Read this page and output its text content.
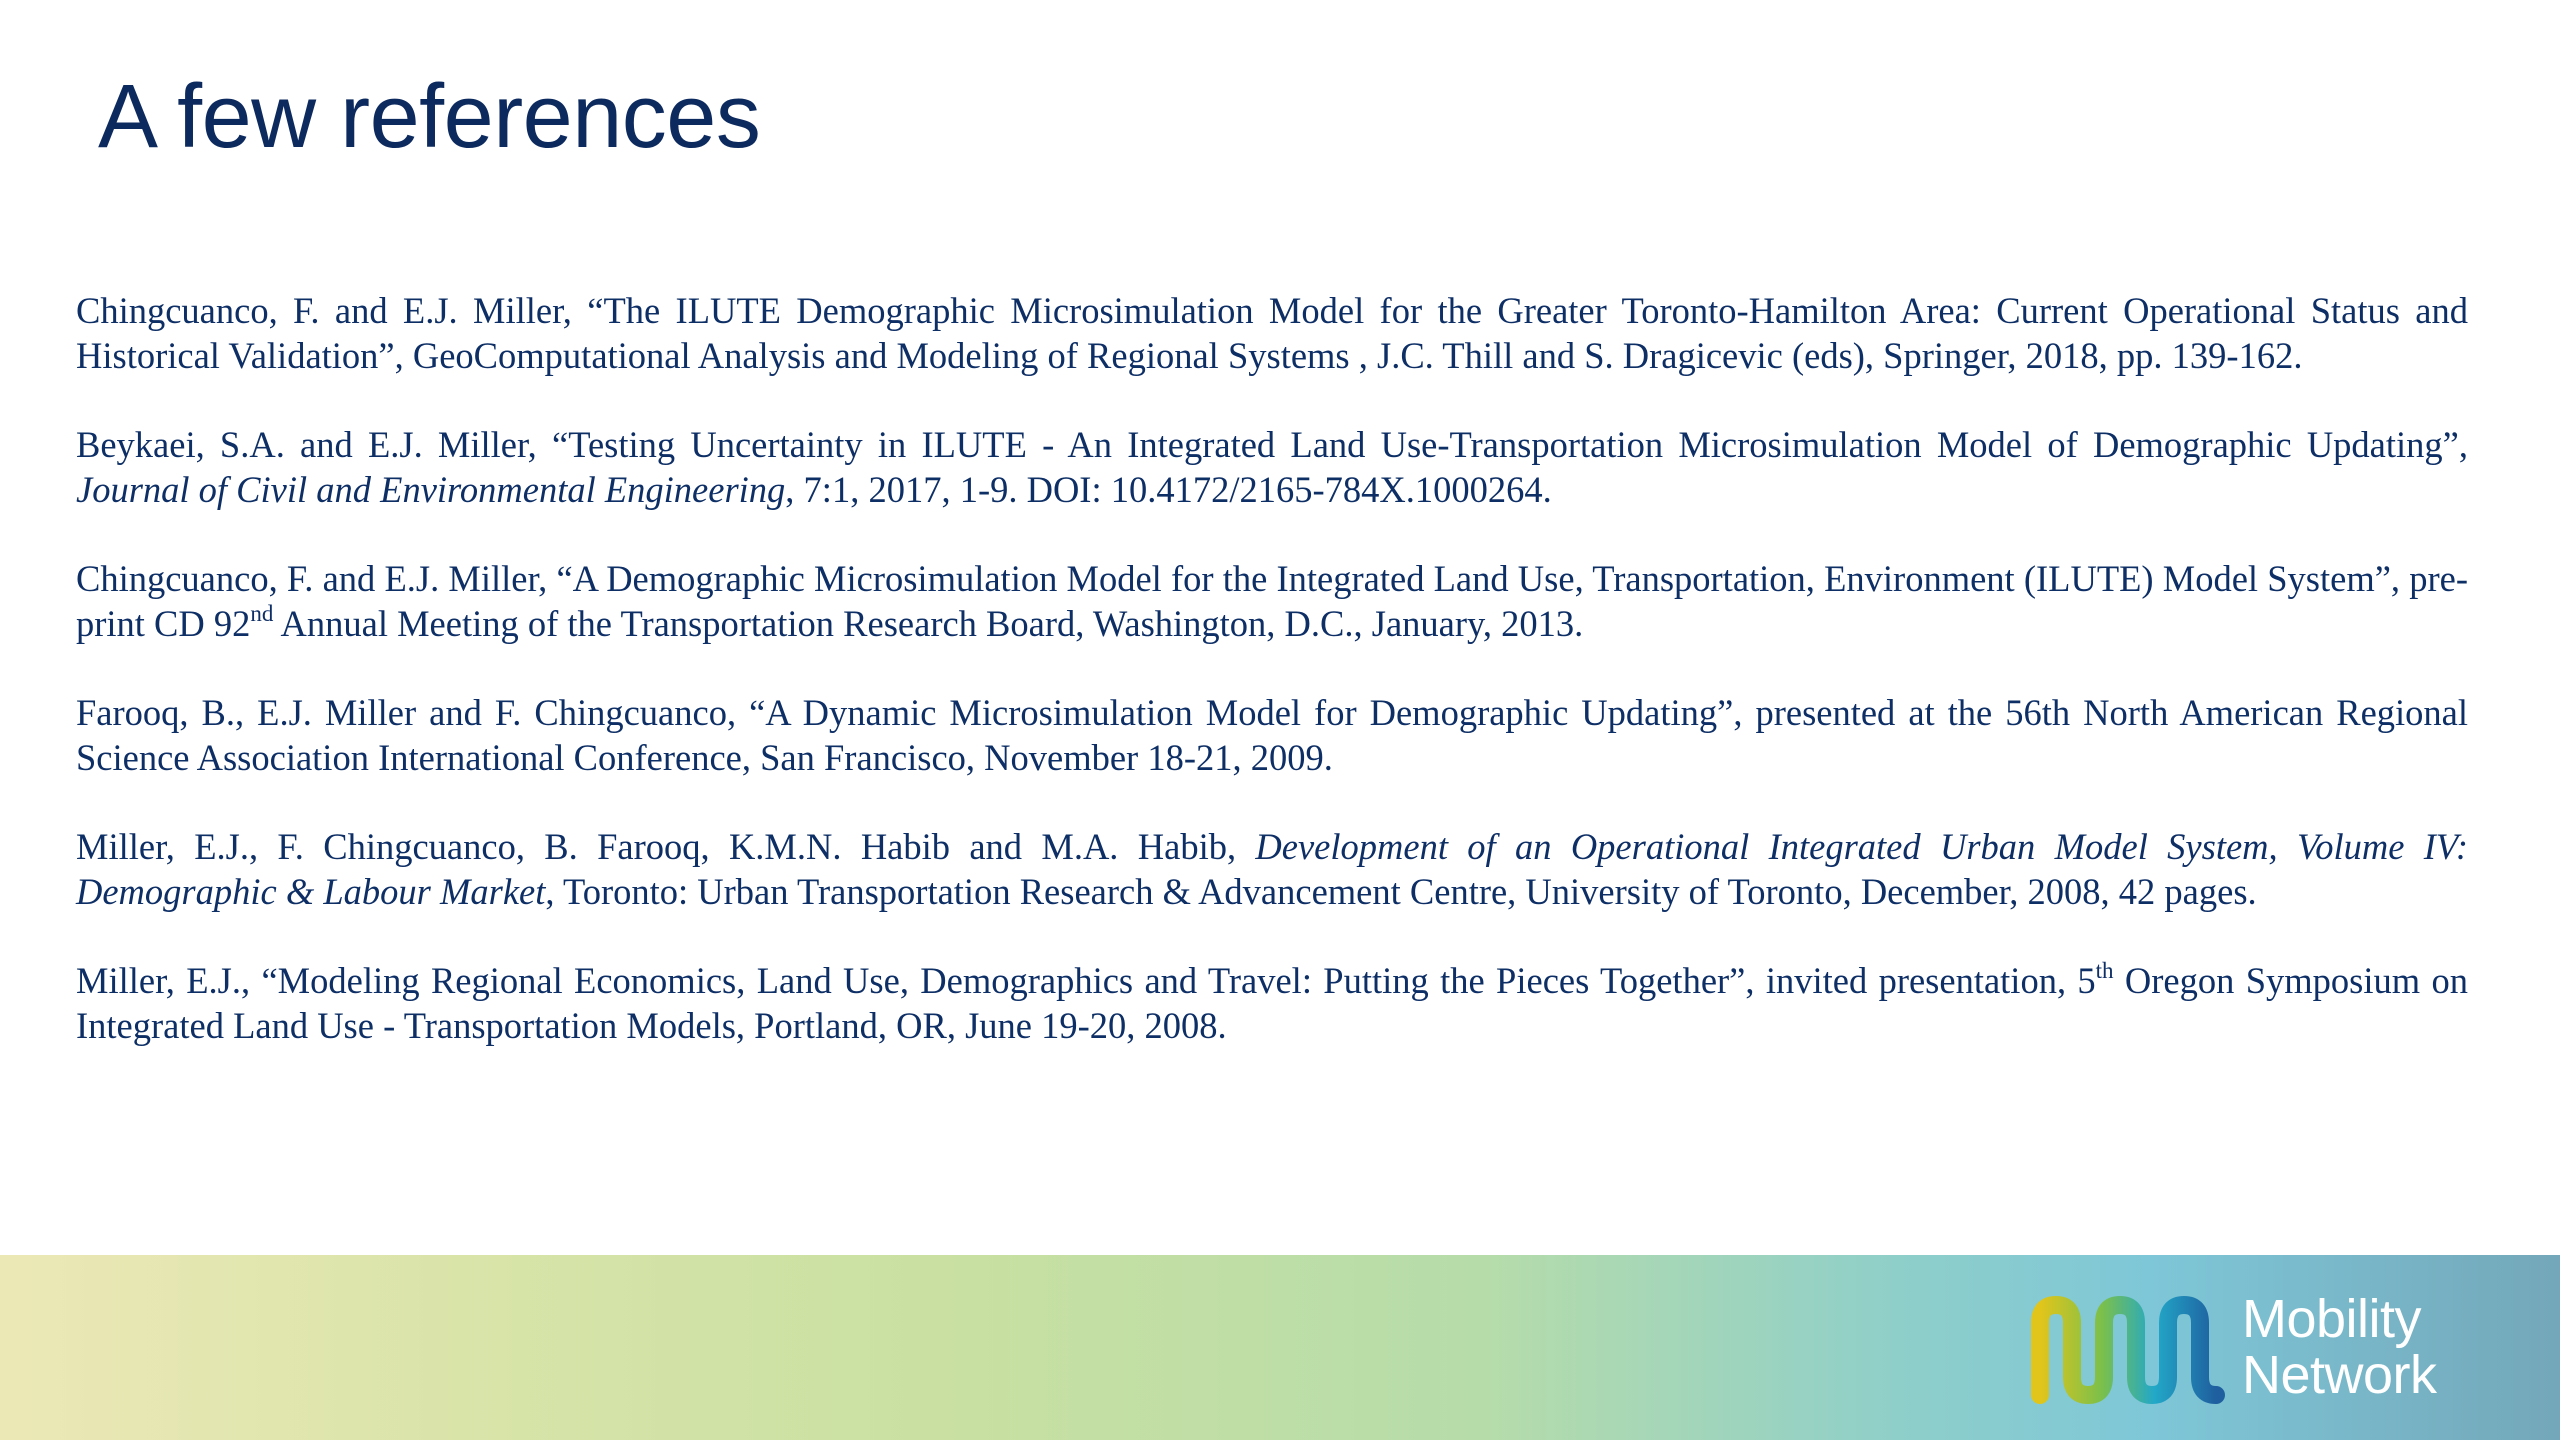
A few references
Chingcuanco, F. and E.J. Miller, “The ILUTE Demographic Microsimulation Model for the Greater Toronto-Hamilton Area: Current Operational Status and Historical Validation”, GeoComputational Analysis and Modeling of Regional Systems , J.C. Thill and S. Dragicevic (eds), Springer, 2018, pp. 139-162.
Beykaei, S.A. and E.J. Miller, “Testing Uncertainty in ILUTE - An Integrated Land Use-Transportation Microsimulation Model of Demographic Updating”, Journal of Civil and Environmental Engineering, 7:1, 2017, 1-9. DOI: 10.4172/2165-784X.1000264.
Chingcuanco, F. and E.J. Miller, “A Demographic Microsimulation Model for the Integrated Land Use, Transportation, Environment (ILUTE) Model System”, pre-print CD 92nd Annual Meeting of the Transportation Research Board, Washington, D.C., January, 2013.
Farooq, B., E.J. Miller and F. Chingcuanco, “A Dynamic Microsimulation Model for Demographic Updating”, presented at the 56th North American Regional Science Association International Conference, San Francisco, November 18-21, 2009.
Miller, E.J., F. Chingcuanco, B. Farooq, K.M.N. Habib and M.A. Habib, Development of an Operational Integrated Urban Model System, Volume IV: Demographic & Labour Market, Toronto: Urban Transportation Research & Advancement Centre, University of Toronto, December, 2008, 42 pages.
Miller, E.J., “Modeling Regional Economics, Land Use, Demographics and Travel: Putting the Pieces Together”, invited presentation, 5th Oregon Symposium on Integrated Land Use - Transportation Models, Portland, OR, June 19-20, 2008.
Mobility
Network
